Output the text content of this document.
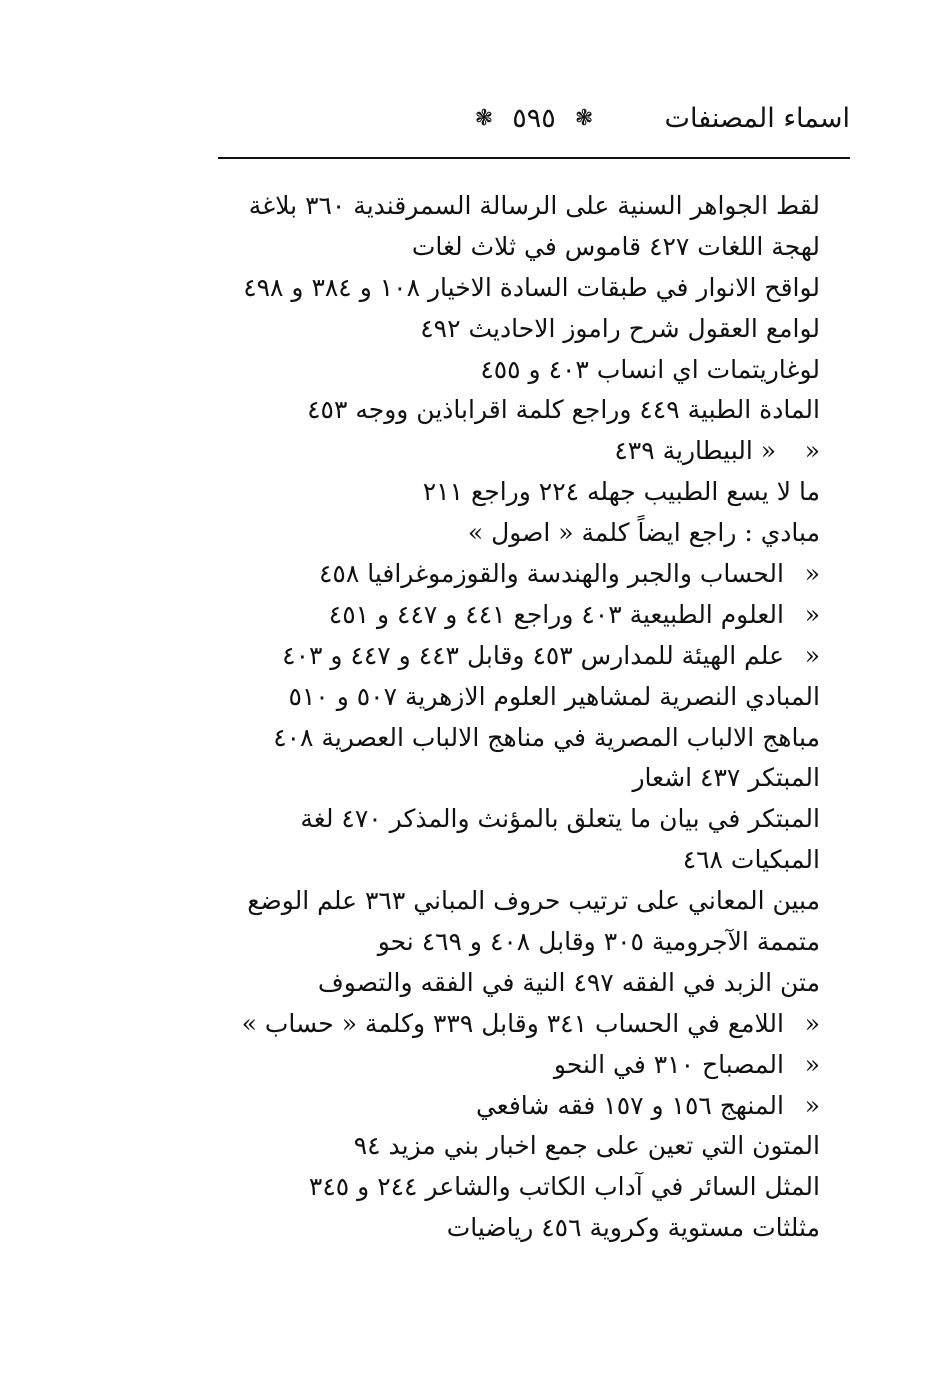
اسماء المصنفات
❃ ٥٩٥ ❃
لقط الجواهر السنية على الرسالة السمرقندية ٣٦٠ بلاغة
لهجة اللغات ٤٢٧ قاموس في ثلاث لغات
لواقح الانوار في طبقات السادة الاخيار ١٠٨ و ٣٨٤ و ٤٩٨
لوامع العقول شرح راموز الاحاديث ٤٩٢
لوغاريتمات اي انساب ٤٠٣ و ٤٥٥
المادة الطبية ٤٤٩ وراجع كلمة اقراباذين ووجه ٤٥٣
« « البيطارية ٤٣٩
ما لا يسع الطبيب جهله ٢٢٤ وراجع ٢١١
مبادي : راجع ايضاً كلمة « اصول »
«الحساب والجبر والهندسة والقوزموغرافيا ٤٥٨
«العلوم الطبيعية ٤٠٣ وراجع ٤٤١ و ٤٤٧ و ٤٥١
«علم الهيئة للمدارس ٤٥٣ وقابل ٤٤٣ و ٤٤٧ و ٤٠٣
المبادي النصرية لمشاهير العلوم الازهرية ٥٠٧ و ٥١٠
مباهج الالباب المصرية في مناهج الالباب العصرية ٤٠٨
المبتكر ٤٣٧ اشعار
المبتكر في بيان ما يتعلق بالمؤنث والمذكر ٤٧٠ لغة
المبكيات ٤٦٨
مبين المعاني على ترتيب حروف المباني ٣٦٣ علم الوضع
متممة الآجرومية ٣٠٥ وقابل ٤٠٨ و ٤٦٩ نحو
متن الزبد في الفقه ٤٩٧ النية في الفقه والتصوف
«اللامع في الحساب ٣٤١ وقابل ٣٣٩ وكلمة « حساب »
«المصباح ٣١٠ في النحو
«المنهج ١٥٦ و ١٥٧ فقه شافعي
المتون التي تعين على جمع اخبار بني مزيد ٩٤
المثل السائر في آداب الكاتب والشاعر ٢٤٤ و ٣٤٥
مثلثات مستوية وكروية ٤٥٦ رياضيات
